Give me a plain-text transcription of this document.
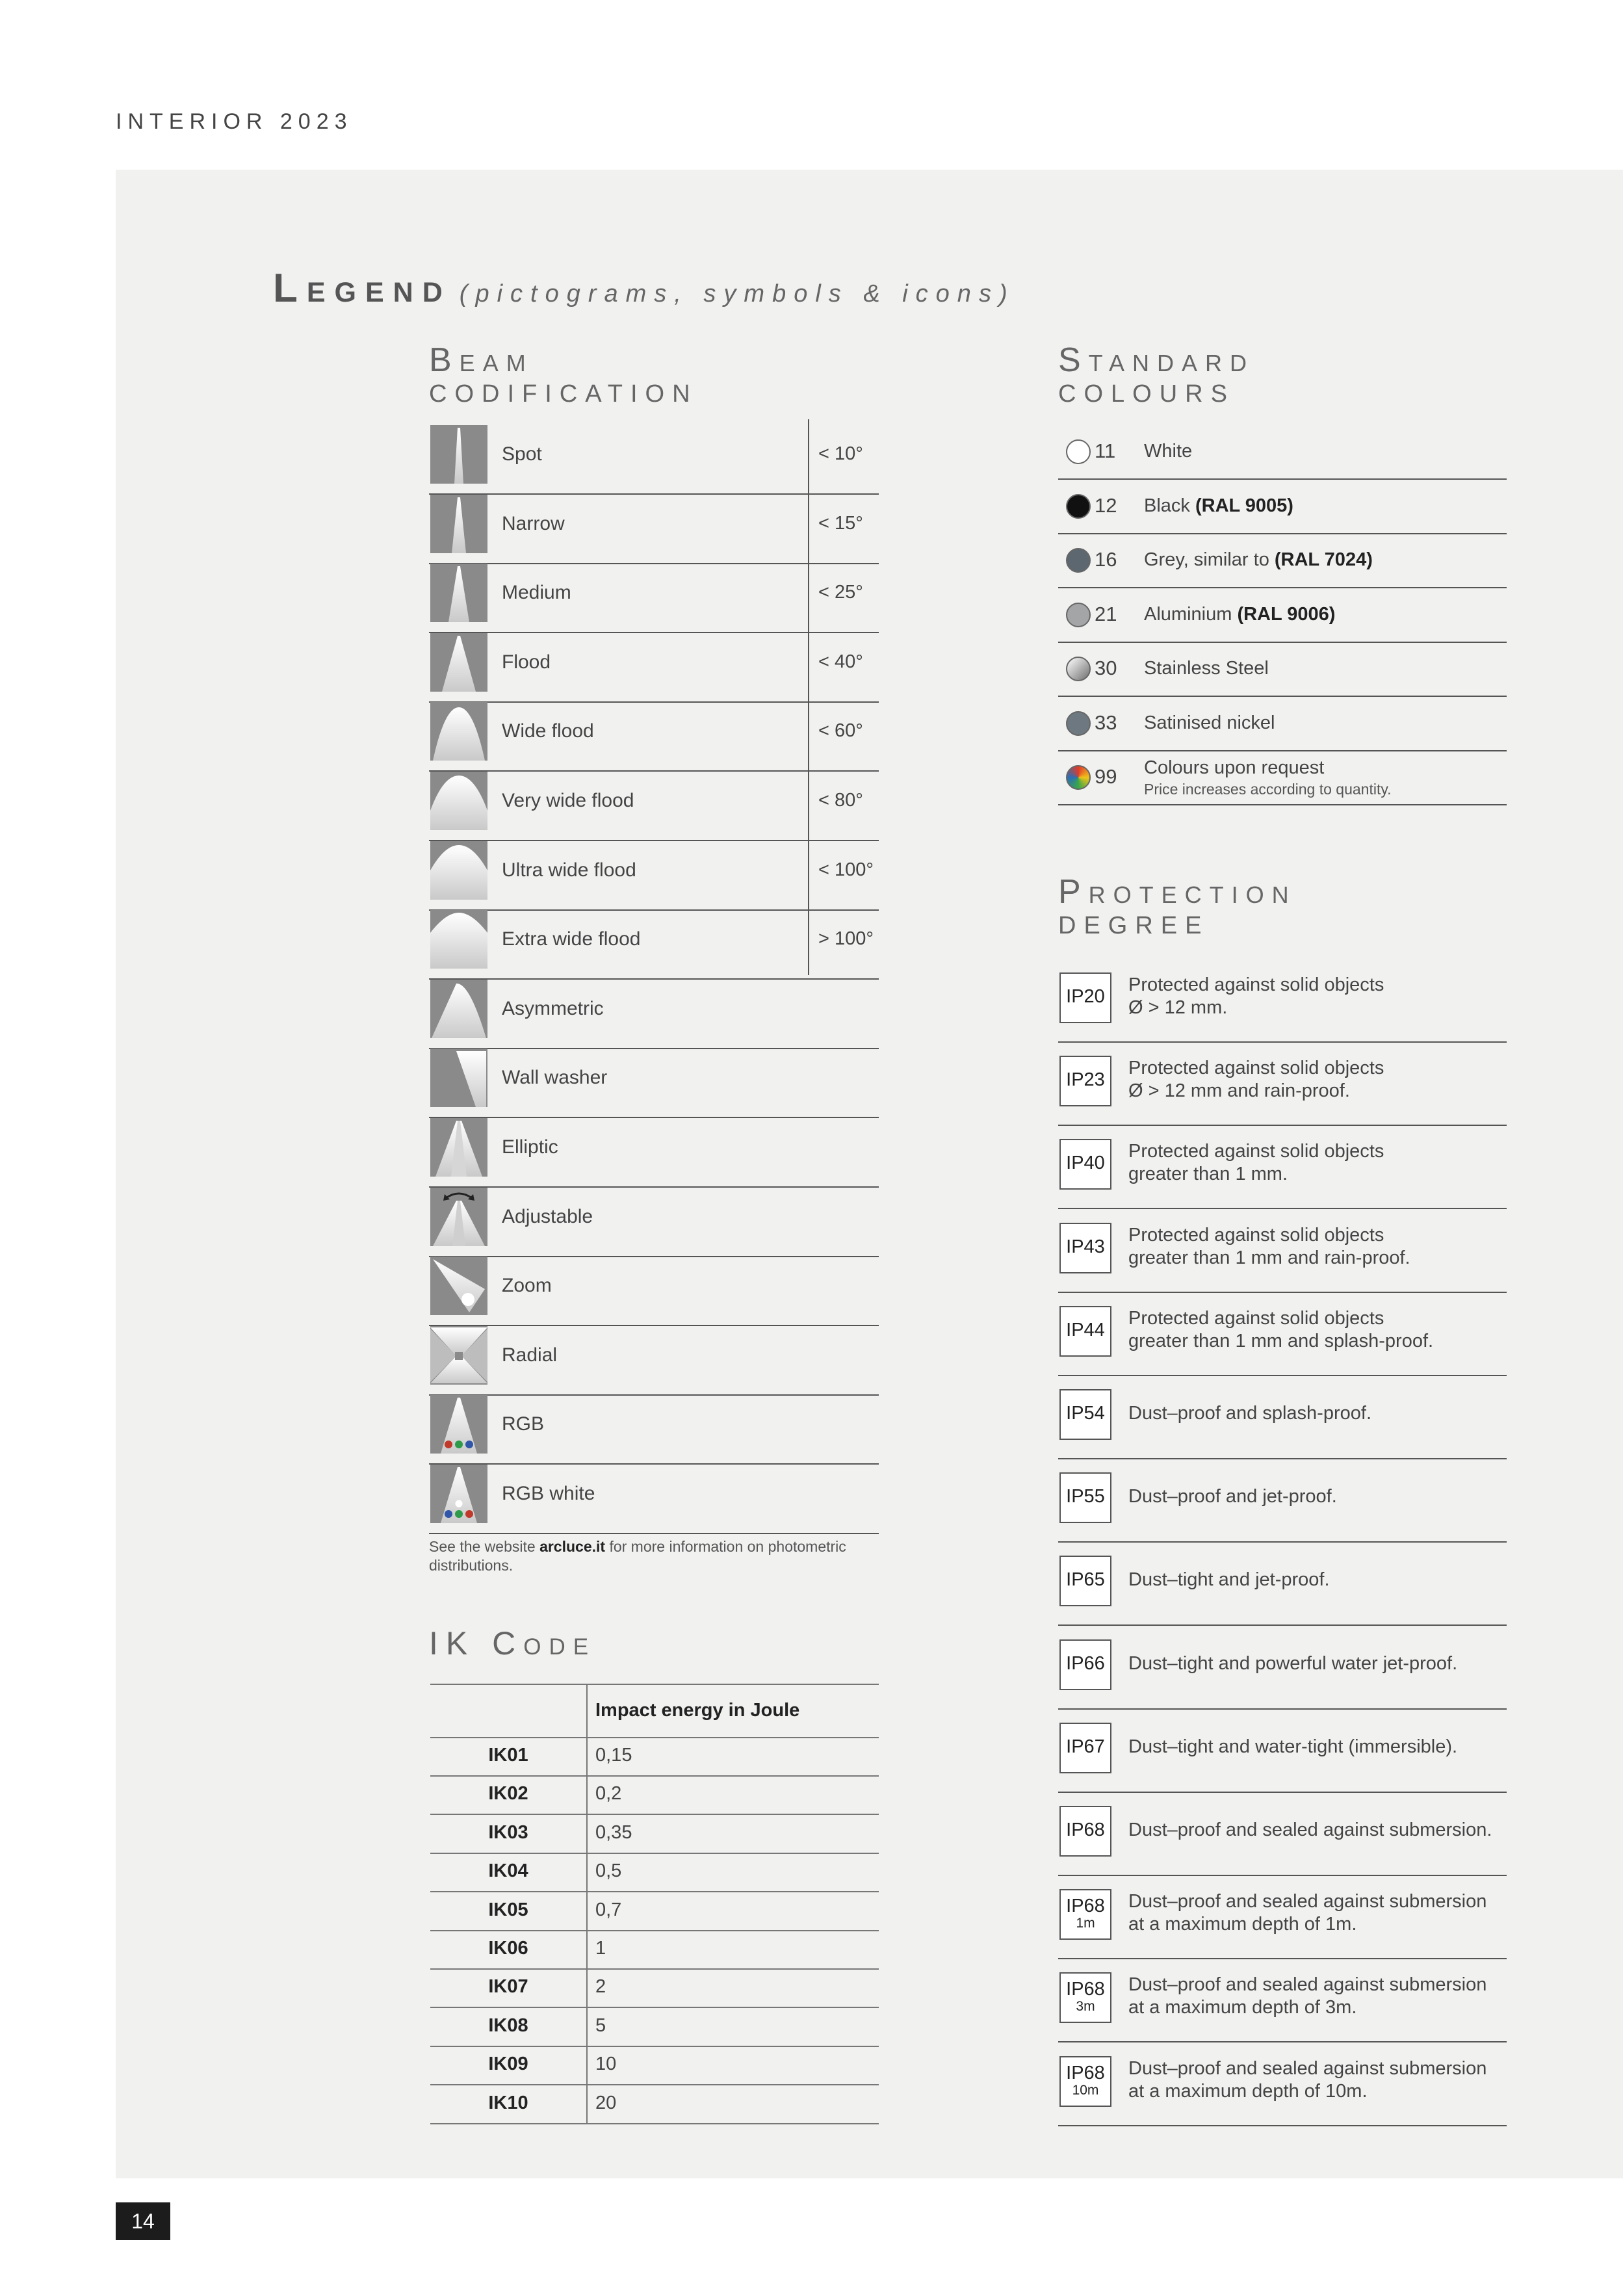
INTERIOR 2023
Legend (pictograms, symbols & icons)
Beam
CODIFICATION
Spot	< 10°
Narrow	< 15°
Medium	< 25°
Flood	< 40°
Wide flood	< 60°
Very wide flood	< 80°
Ultra wide flood	< 100°
Extra wide flood	> 100°
Asymmetric
Wall washer
Elliptic
Adjustable
Zoom
Radial
RGB
RGB white
See the website arcluce.it for more information on photometric distributions.
IK Code
Impact energy in Joule
IK01	0,15
IK02	0,2
IK03	0,35
IK04	0,5
IK05	0,7
IK06	1
IK07	2
IK08	5
IK09	10
IK10	20
Standard
COLOURS
11 White
12 Black (RAL 9005)
16 Grey, similar to (RAL 7024)
21 Aluminium (RAL 9006)
30 Stainless Steel
33 Satinised nickel
99 Colours upon request
Price increases according to quantity.
Protection
DEGREE
IP20
Protected against solid objects
Ø > 12 mm.
IP23
Protected against solid objects
Ø > 12 mm and rain-proof.
IP40
Protected against solid objects
greater than 1 mm.
IP43
Protected against solid objects
greater than 1 mm and rain-proof.
IP44
Protected against solid objects
greater than 1 mm and splash-proof.
IP54 Dust–proof and splash-proof.
IP55 Dust–proof and jet-proof.
IP65 Dust–tight and jet-proof.
IP66 Dust–tight and powerful water jet-proof.
IP67 Dust–tight and water-tight (immersible).
IP68 Dust–proof and sealed against submersion.
IP68
1m
Dust–proof and sealed against submersion
at a maximum depth of 1m.
IP68
3m
Dust–proof and sealed against submersion
at a maximum depth of 3m.
IP68
10m
Dust–proof and sealed against submersion
at a maximum depth of 10m.
14
